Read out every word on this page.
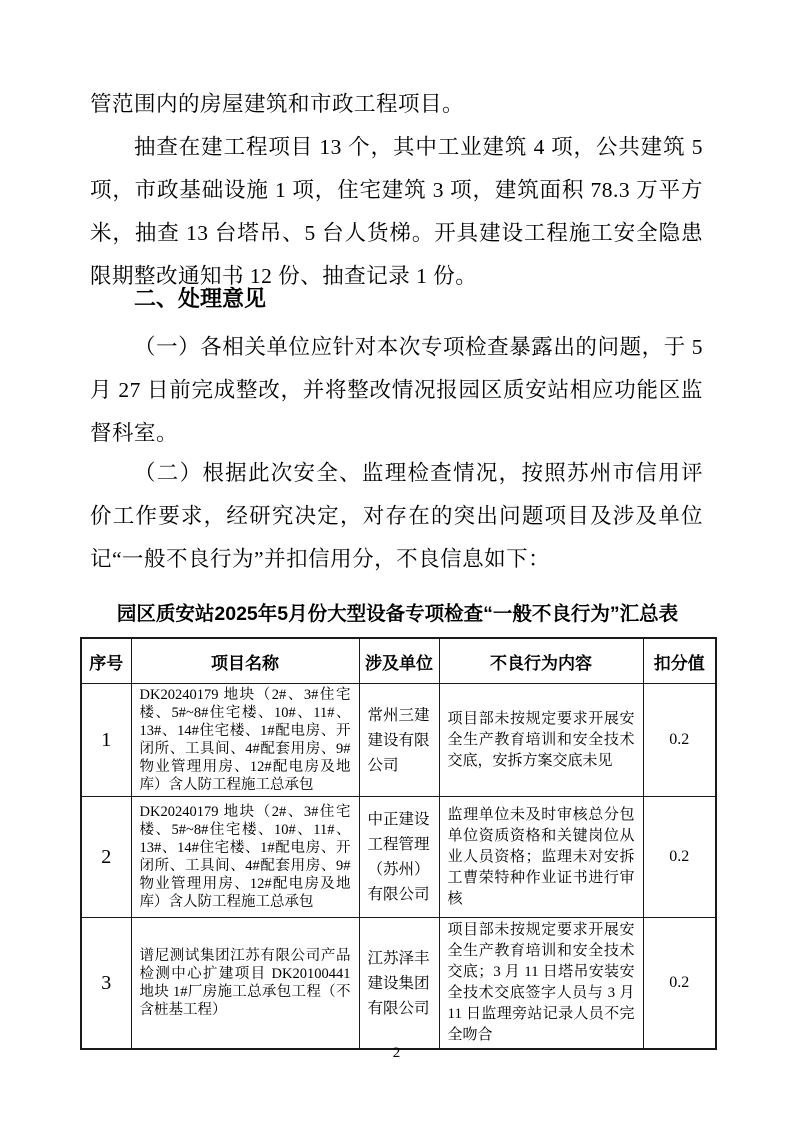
管范围内的房屋建筑和市政工程项目。

抽查在建工程项目 13 个，其中工业建筑 4 项，公共建筑 5 项，市政基础设施 1 项，住宅建筑 3 项，建筑面积 78.3 万平方米，抽查 13 台塔吊、5 台人货梯。开具建设工程施工安全隐患限期整改通知书 12 份、抽查记录 1 份。

二、处理意见

（一）各相关单位应针对本次专项检查暴露出的问题，于 5 月 27 日前完成整改，并将整改情况报园区质安站相应功能区监督科室。

（二）根据此次安全、监理检查情况，按照苏州市信用评价工作要求，经研究决定，对存在的突出问题项目及涉及单位记“一般不良行为”并扣信用分，不良信息如下：

园区质安站2025年5月份大型设备专项检查“一般不良行为”汇总表
序号	项目名称	涉及单位	不良行为内容	扣分值
1	DK20240179 地块（2#、3#住宅楼、5#~8#住宅楼、10#、11#、13#、14#住宅楼、1#配电房、开闭所、工具间、4#配套用房、9#物业管理用房、12#配电房及地库）含人防工程施工总承包	常州三建建设有限公司	项目部未按规定要求开展安全生产教育培训和安全技术交底，安拆方案交底未见	0.2
2	DK20240179 地块（2#、3#住宅楼、5#~8#住宅楼、10#、11#、13#、14#住宅楼、1#配电房、开闭所、工具间、4#配套用房、9#物业管理用房、12#配电房及地库）含人防工程施工总承包	中正建设工程管理（苏州）有限公司	监理单位未及时审核总分包单位资质资格和关键岗位从业人员资格；监理未对安拆工曹荣特种作业证书进行审核	0.2
3	谱尼测试集团江苏有限公司产品检测中心扩建项目 DK20100441 地块 1#厂房施工总承包工程（不含桩基工程）	江苏泽丰建设集团有限公司	项目部未按规定要求开展安全生产教育培训和安全技术交底；3 月 11 日塔吊安装安全技术交底签字人员与 3 月 11 日监理旁站记录人员不完全吻合	0.2
2
